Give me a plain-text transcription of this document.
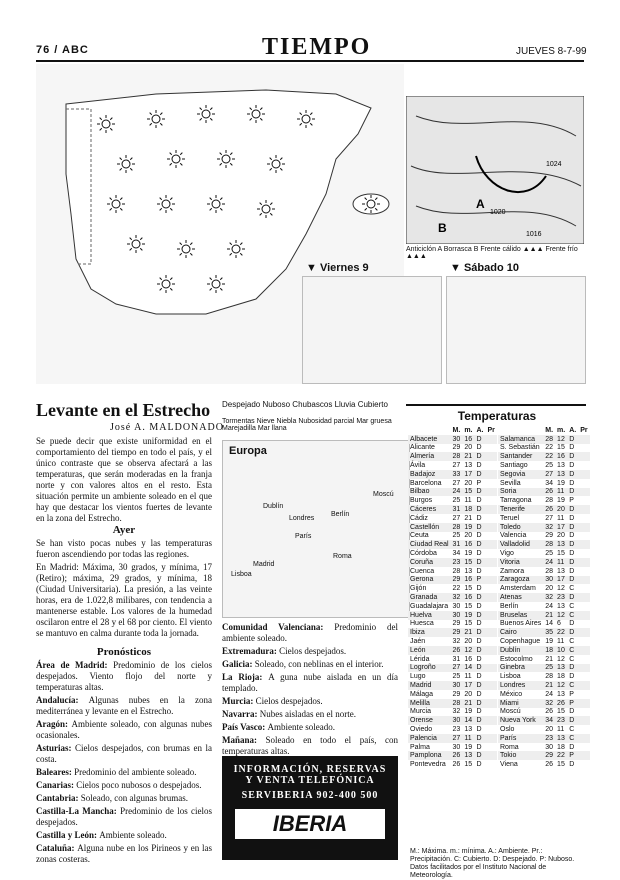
76 / ABC	TIEMPO	JUEVES 8-7-99
A
B
1020
1024
1016
Anticiclón A Borrasca B Frente cálido ▲▲▲ Frente frío ▲▲▲
▼ Viernes 9	▼ Sábado 10
Despejado Nuboso Chubascos Lluvia Cubierto
Tormentas Nieve Niebla Nubosidad parcial Mar gruesa Marejadilla Mar llana
Europa
Dublín
Londres
París
Berlín
Moscú
Roma
Lisboa
Madrid
Levante en el Estrecho
José A. MALDONADO
Se puede decir que existe uniformidad en el comportamiento del tiempo en todo el país, y el único contraste que se observa afectará a las temperaturas, que serán moderadas en la franja norte y con valores altos en el resto. Esta situación permite un ambiente soleado en el que hay que destacar los vientos fuertes de levante en la zona del Estrecho.
Ayer

Se han visto pocas nubes y las temperaturas fueron ascendiendo por todas las regiones.

En Madrid: Máxima, 30 grados, y mínima, 17 (Retiro); máxima, 29 grados, y mínima, 18 (Ciudad Universitaria). La presión, a las veinte horas, era de 1.022,8 milibares, con tendencia a mantenerse estable. Los valores de la humedad oscilaron entre el 28 y el 68 por ciento. El viento se mantuvo en calma durante toda la jornada.

Pronósticos

Área de Madrid: Predominio de los cielos despejados. Viento flojo del norte y temperaturas altas.

Andalucía: Algunas nubes en la zona mediterránea y levante en el Estrecho.

Aragón: Ambiente soleado, con algunas nubes ocasionales.

Asturias: Cielos despejados, con brumas en la costa.

Baleares: Predominio del ambiente soleado.

Canarias: Cielos poco nubosos o despejados.

Cantabria: Soleado, con algunas brumas.

Castilla-La Mancha: Predominio de los cielos despejados.

Castilla y León: Ambiente soleado.

Cataluña: Alguna nube en los Pirineos y en las zonas costeras.

Comunidad Valenciana: Predominio del ambiente soleado.

Extremadura: Cielos despejados.

Galicia: Soleado, con neblinas en el interior.

La Rioja: A guna nube aislada en un día templado.

Murcia: Cielos despejados.

Navarra: Nubes aisladas en el norte.

País Vasco: Ambiente soleado.

Mañana: Soleado en todo el país, con temperaturas altas.

INFORMACIÓN, RESERVAS
Y VENTA TELEFÓNICA
SERVIBERIA 902-400 500
IBERIA
Temperaturas
	M.	m.	A.	Pr
Albacete	30	16	D	
Alicante	29	20	D	
Almería	28	21	D	
Ávila	27	13	D	
Badajoz	33	17	D	
Barcelona	27	20	P	
Bilbao	24	15	D	
Burgos	25	11	D	
Cáceres	31	18	D	
Cádiz	27	21	D	
Castellón	28	19	D	
Ceuta	25	20	D	
Ciudad Real	31	16	D	
Córdoba	34	19	D	
Coruña	23	15	D	
Cuenca	28	13	D	
Gerona	29	16	P	
Gijón	22	15	D	
Granada	32	16	D	
Guadalajara	30	15	D	
Huelva	30	19	D	
Huesca	29	15	D	
Ibiza	29	21	D	
Jaén	32	20	D	
León	26	12	D	
Lérida	31	16	D	
Logroño	27	14	D	
Lugo	25	11	D	
Madrid	30	17	D	
Málaga	29	20	D	
Melilla	28	21	D	
Murcia	32	19	D	
Orense	30	14	D	
Oviedo	23	13	D	
Palencia	27	11	D	
Palma	30	19	D	
Pamplona	26	13	D	
Pontevedra	26	15	D	
	M.	m.	A.	Pr
Salamanca	28	12	D	
S. Sebastián	22	15	D	
Santander	22	16	D	
Santiago	25	13	D	
Segovia	27	13	D	
Sevilla	34	19	D	
Soria	26	11	D	
Tarragona	28	19	P	
Tenerife	26	20	D	
Teruel	27	11	D	
Toledo	32	17	D	
Valencia	29	20	D	
Valladolid	28	13	D	
Vigo	25	15	D	
Vitoria	24	11	D	
Zamora	28	13	D	
Zaragoza	30	17	D	
Amsterdam	20	12	C	
Atenas	32	23	D	
Berlín	24	13	C	
Bruselas	21	12	C	
Buenos Aires	14	6	D	
Cairo	35	22	D	
Copenhague	19	11	C	
Dublín	18	10	C	
Estocolmo	21	12	C	
Ginebra	25	13	D	
Lisboa	28	18	D	
Londres	21	12	C	
México	24	13	P	
Miami	32	26	P	
Moscú	26	15	D	
Nueva York	34	23	D	
Oslo	20	11	C	
París	23	13	C	
Roma	30	18	D	
Tokio	29	22	P	
Viena	26	15	D	
M.: Máxima. m.: mínima. A.: Ambiente. Pr.: Precipitación. C: Cubierto. D: Despejado. P: Nuboso. Datos facilitados por el Instituto Nacional de Meteorología.
